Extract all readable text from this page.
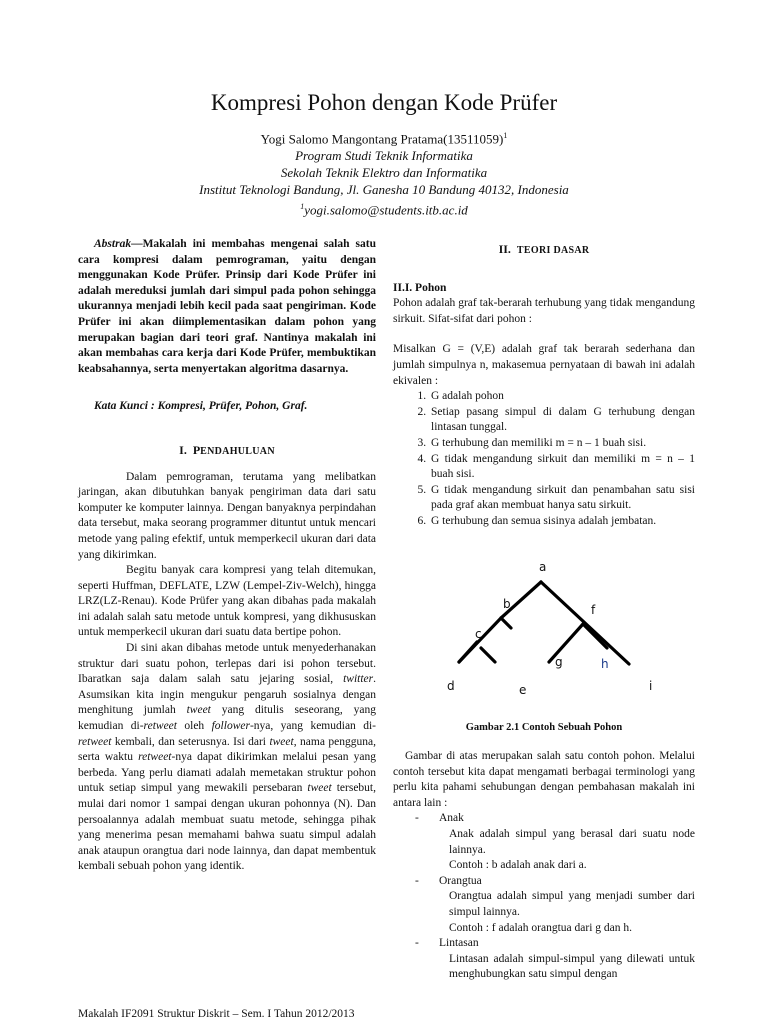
Kompresi Pohon dengan Kode Prüfer
Yogi Salomo Mangontang $Pratama(13511059)^1$
Program Studi Teknik Informatika
Sekolah Teknik Elektro dan Informatika
Institut Teknologi Bandung, Jl. Ganesha 10 Bandung 40132, Indonesia
$^1$yogi.salomo@students.itb.ac.id

Abstrak—Makalah ini membahas mengenai salah satu cara kompresi dalam pemrograman, yaitu dengan menggunakan Kode Prüfer. Prinsip dari Kode Prüfer ini adalah mereduksi jumlah dari simpul pada pohon sehingga ukurannya menjadi lebih kecil pada saat pengiriman. Kode Prüfer ini akan diimplementasikan dalam pohon yang merupakan bagian dari teori graf. Nantinya makalah ini akan membahas cara kerja dari Kode Prüfer, membuktikan keabsahannya, serta menyertakan algoritma dasarnya.

Kata Kunci : Kompresi, Prüfer, Pohon, Graf.

I. PENDAHULUAN

Dalam pemrograman, terutama yang melibatkan jaringan, akan dibutuhkan banyak pengiriman data dari satu komputer ke komputer lainnya. Dengan banyaknya perpindahan data tersebut, maka seorang programmer dituntut untuk mencari metode yang paling efektif, untuk memperkecil ukuran dari data yang dikirimkan.

Begitu banyak cara kompresi yang telah ditemukan, seperti Huffman, DEFLATE, LZW (Lempel-Ziv-Welch), hingga LRZ(LZ-Renau). Kode Prüfer yang akan dibahas pada makalah ini adalah salah satu metode untuk kompresi, yang dikhususkan untuk memperkecil ukuran dari suatu data bertipe pohon.

Di sini akan dibahas metode untuk menyederhanakan struktur dari suatu pohon, terlepas dari isi pohon tersebut. Ibaratkan saja dalam salah satu jejaring sosial, twitter. Asumsikan kita ingin mengukur pengaruh sosialnya dengan menghitung jumlah tweet yang ditulis seseorang, yang kemudian di-retweet oleh follower-nya, yang kemudian di-retweet kembali, dan seterusnya. Isi dari tweet, nama pengguna, serta waktu retweet-nya dapat dikirimkan melalui pesan yang berbeda. Yang perlu diamati adalah memetakan struktur pohon untuk setiap simpul yang mewakili persebaran tweet tersebut, mulai dari nomor 1 sampai dengan ukuran pohonnya (N). Dan persoalannya adalah membuat suatu metode, sehingga pihak yang menerima pesan memahami bahwa suatu simpul adalah anak ataupun orangtua dari node lainnya, dan dapat membentuk kembali sebuah pohon yang identik.

II. TEORI DASAR

II.I. Pohon

Pohon adalah graf tak-berarah terhubung yang tidak mengandung sirkuit. Sifat-sifat dari pohon :

Misalkan G = (V,E) adalah graf tak berarah sederhana dan jumlah simpulnya n, makasemua pernyataan di bawah ini adalah ekivalen :

1. G adalah pohon
2. Setiap pasang simpul di dalam G terhubung dengan lintasan tunggal.
3. G terhubung dan memiliki m = n – 1 buah sisi.
4. G tidak mengandung sirkuit dan memiliki m = n – 1 buah sisi.
5. G tidak mengandung sirkuit dan penambahan satu sisi pada graf akan membuat hanya satu sirkuit.
6. G terhubung dan semua sisinya adalah jembatan.
a
b	f
c
g	h
d	e	i
Gambar 2.1 Contoh Sebuah Pohon

Gambar di atas merupakan salah satu contoh pohon. Melalui contoh tersebut kita dapat mengamati berbagai terminologi yang perlu kita pahami sehubungan dengan pembahasan makalah ini antara lain :

- Anak
Anak adalah simpul yang berasal dari suatu node lainnya.
Contoh : b adalah anak dari a.
- Orangtua
Orangtua adalah simpul yang menjadi sumber dari simpul lainnya.
Contoh : f adalah orangtua dari g dan h.
- Lintasan
Lintasan adalah simpul-simpul yang dilewati untuk menghubungkan satu simpul dengan
Makalah IF2091 Struktur Diskrit – Sem. I Tahun 2012/2013
